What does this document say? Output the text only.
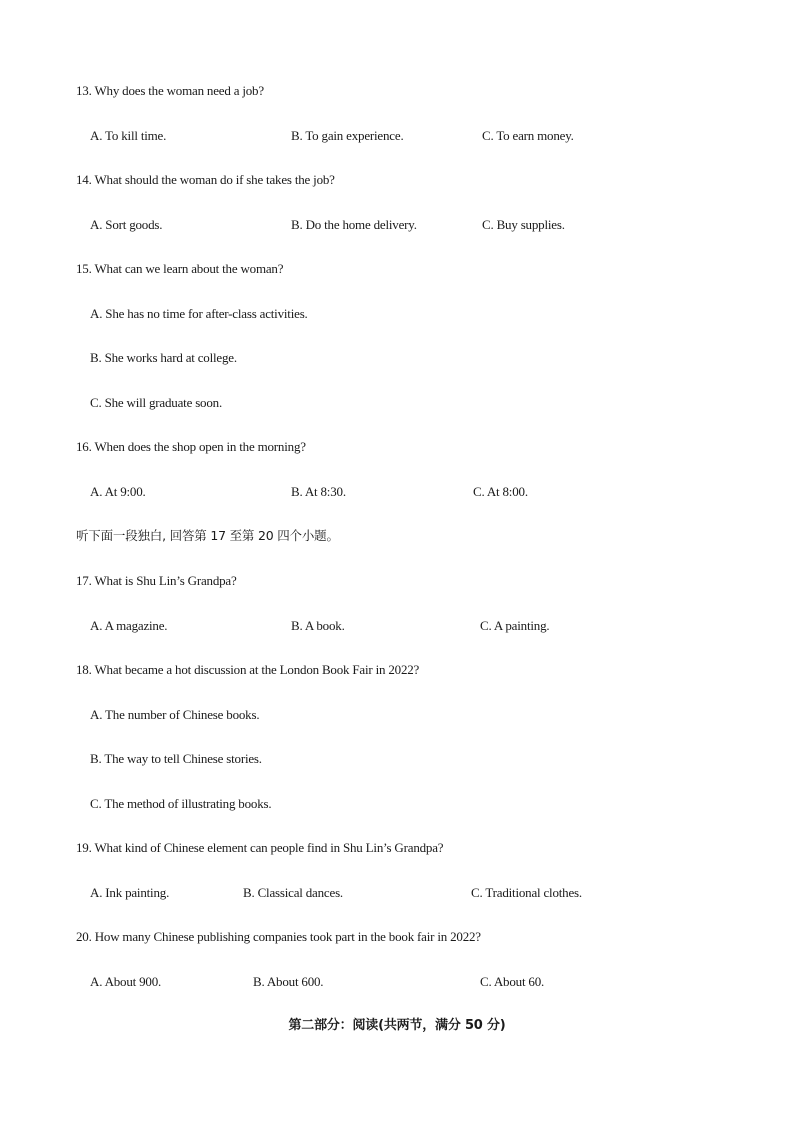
13. Why does the woman need a job?
A. To kill time.	B. To gain experience.	C. To earn money.
14. What should the woman do if she takes the job?
A. Sort goods.	B. Do the home delivery.	C. Buy supplies.
15. What can we learn about the woman?
A. She has no time for after-class activities.
B. She works hard at college.
C. She will graduate soon.
16. When does the shop open in the morning?
A. At 9:00.	B. At 8:30.	C. At 8:00.
听下面一段独白, 回答第 17 至第 20 四个小题。
17. What is Shu Lin’s Grandpa?
A. A magazine.	B. A book.	C. A painting.
18. What became a hot discussion at the London Book Fair in 2022?
A. The number of Chinese books.
B. The way to tell Chinese stories.
C. The method of illustrating books.
19. What kind of Chinese element can people find in Shu Lin’s Grandpa?
A. Ink painting.	B. Classical dances.	C. Traditional clothes.
20. How many Chinese publishing companies took part in the book fair in 2022?
A. About 900.	B. About 600.	C. About 60.
第二部分：阅读(共两节，满分 50 分)
